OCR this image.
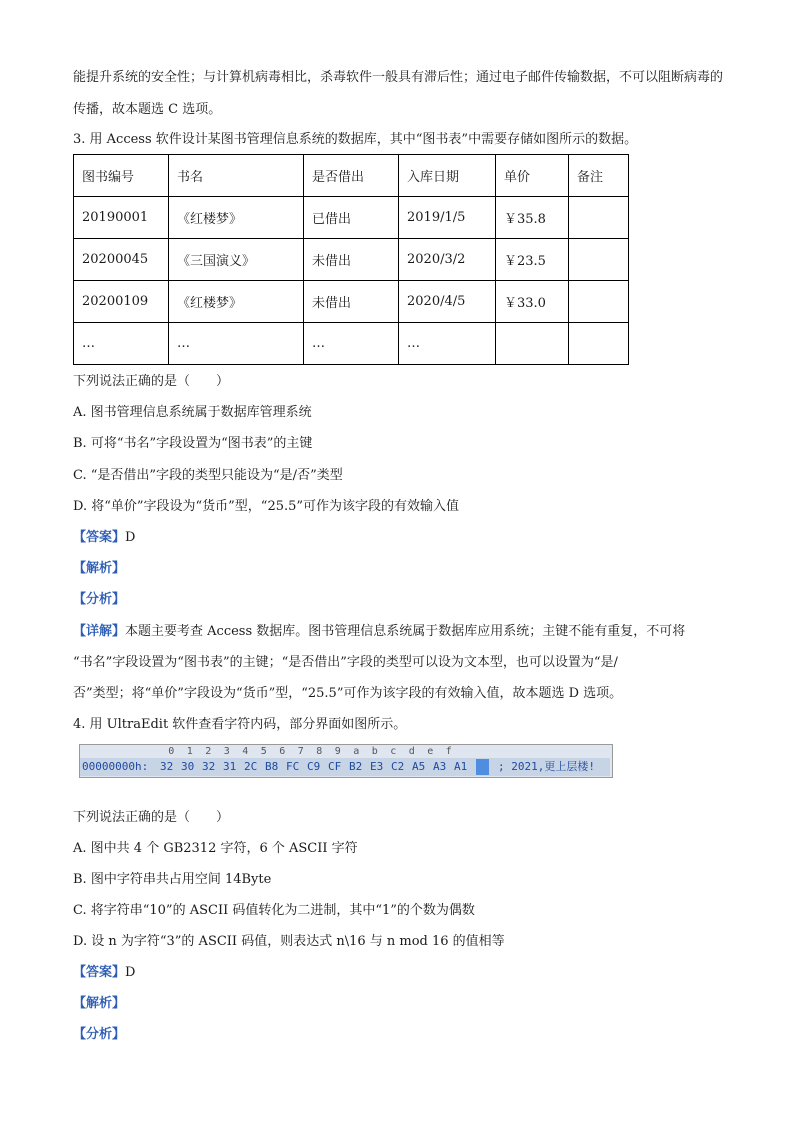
能提升系统的安全性；与计算机病毒相比，杀毒软件一般具有滞后性；通过电子邮件传输数据，不可以阻断病毒的传播，故本题选 C 选项。
3. 用 Access 软件设计某图书管理信息系统的数据库，其中“图书表”中需要存储如图所示的数据。
图书编号	书名	是否借出	入库日期	单价	备注
20190001	《红楼梦》	已借出	2019/1/5	￥35.8	
20200045	《三国演义》	未借出	2020/3/2	￥23.5	
20200109	《红楼梦》	未借出	2020/4/5	￥33.0	
…	…	…	…		
下列说法正确的是（　　）
A. 图书管理信息系统属于数据库管理系统
B. 可将“书名”字段设置为“图书表”的主键
C. “是否借出”字段的类型只能设为“是/否”类型
D. 将“单价”字段设为“货币”型，“25.5”可作为该字段的有效输入值
【答案】 D
【解析】
【分析】
【详解】 本题主要考查 Access 数据库。图书管理信息系统属于数据库应用系统；主键不能有重复，不可将
“书名”字段设置为“图书表”的主键；“是否借出”字段的类型可以设为文本型，也可以设置为“是/
否”类型；将“单价”字段设为“货币”型，“25.5”可作为该字段的有效输入值，故本题选 D 选项。
4. 用 UltraEdit 软件查看字符内码，部分界面如图所示。
0 1 2 3 4 5 6 7 8 9 a b c d e f
00000000h: 32 30 32 31 2C B8 FC C9 CF B2 E3 C2 A5 A3 A1	; 2021,更上层楼!
下列说法正确的是（　　）
A. 图中共 4 个 GB2312 字符，6 个 ASCII 字符
B. 图中字符串共占用空间 14Byte
C. 将字符串“10”的 ASCII 码值转化为二进制，其中“1”的个数为偶数
D. 设 n 为字符“3”的 ASCII 码值，则表达式 n\16 与 n mod 16 的值相等
【答案】 D
【解析】
【分析】
